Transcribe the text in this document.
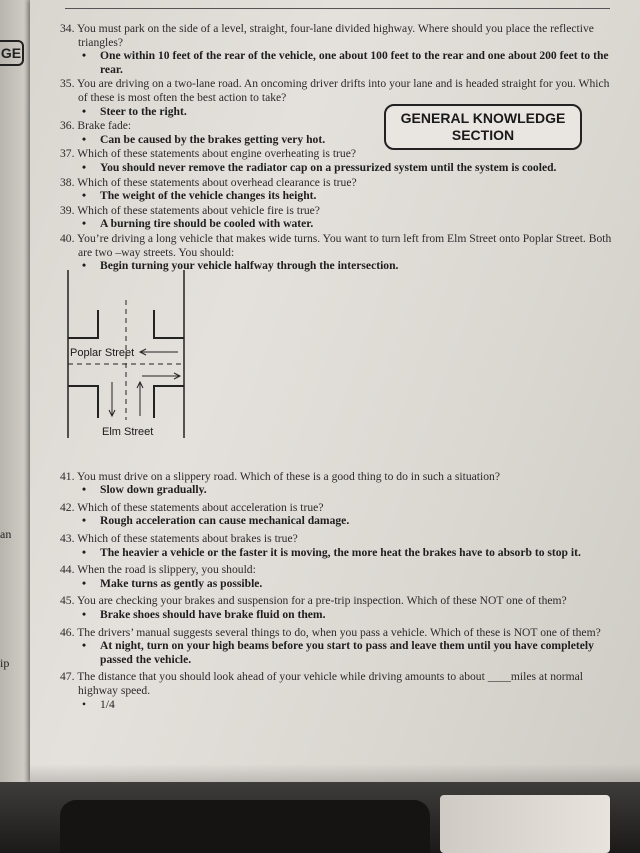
GE
an
ip
GENERAL KNOWLEDGE
SECTION

34. You must park on the side of a level, straight, four-lane divided highway. Where should you place the reflective triangles?

• One within 10 feet of the rear of the vehicle, one about 100 feet to the rear and one about 200 feet to the rear.

35. You are driving on a two-lane road. An oncoming driver drifts into your lane and is headed straight for you. Which of these is most often the best action to take?

• Steer to the right.

36. Brake fade:

• Can be caused by the brakes getting very hot.

37. Which of these statements about engine overheating is true?

• You should never remove the radiator cap on a pressurized system until the system is cooled.

38. Which of these statements about overhead clearance is true?

• The weight of the vehicle changes its height.

39. Which of these statements about vehicle fire is true?

• A burning tire should be cooled with water.

40. You’re driving a long vehicle that makes wide turns. You want to turn left from Elm Street onto Poplar Street. Both are two –way streets. You should:

• Begin turning your vehicle halfway through the intersection.

41. You must drive on a slippery road. Which of these is a good thing to do in such a situation?

• Slow down gradually.

42. Which of these statements about acceleration is true?

• Rough acceleration can cause mechanical damage.

43. Which of these statements about brakes is true?

• The heavier a vehicle or the faster it is moving, the more heat the brakes have to absorb to stop it.

44. When the road is slippery, you should:

• Make turns as gently as possible.

45. You are checking your brakes and suspension for a pre-trip inspection. Which of these NOT one of them?

• Brake shoes should have brake fluid on them.

46. The drivers’ manual suggests several things to do, when you pass a vehicle. Which of these is NOT one of them?

• At night, turn on your high beams before you start to pass and leave them until you have completely passed the vehicle.

47. The distance that you should look ahead of your vehicle while driving amounts to about ____miles at normal highway speed.

• 1/4

Poplar Street
Elm Street
